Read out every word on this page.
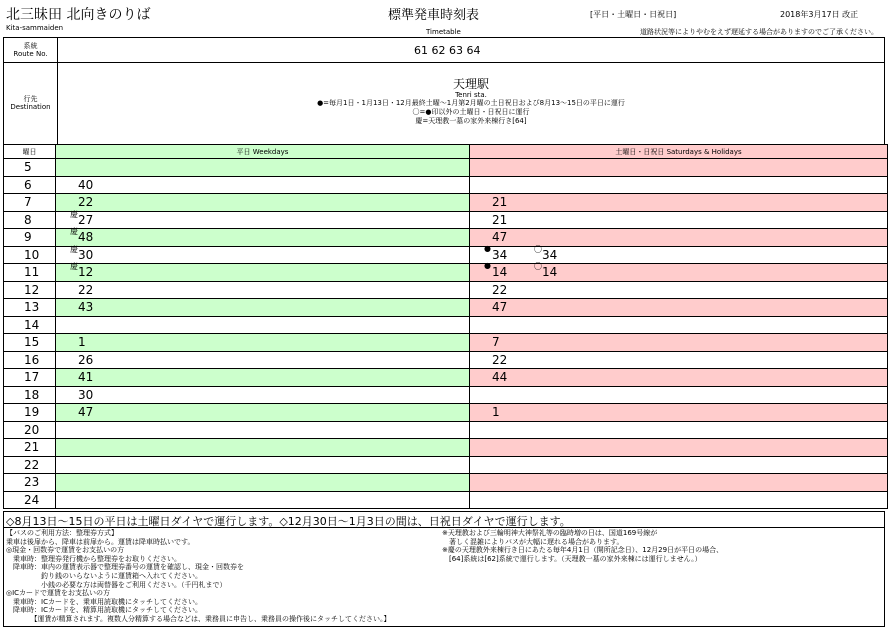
北三昧田 北向きのりば
Kita-sammaiden
標準発車時刻表
Timetable
[平日・土曜日・日祝日]	2018年3月17日 改正
道路状況等によりやむをえず遅延する場合がありますのでご了承ください。
系統
Route No.	61 62 63 64
行先
Destination
天理駅
Tenri sta.
●=毎月1日・1月13日・12月最終土曜～1月第2月曜の土日祝日および8月13～15日の平日に運行
〇=●印以外の土曜日・日祝日に運行
慶=天理教一墓の家外来棟行き[64]
曜日	平日 Weekdays	土曜日・日祝日 Saturdays & Holidays
5	

6	40	

7	22	21

8	慶 27	21

9	慶 48	47

10	慶 30	● 34 〇 34

11	慶 12	● 14 〇 14

12	22	22

13	43	47

14	

15	1	7

16	26	22

17	41	44

18	30	

19	47	1

20	

21	

22	

23	

24	

◇8月13日～15日の平日は土曜日ダイヤで運行します。◇12月30日～1月3日の間は、日祝日ダイヤで運行します。
【バスのご利用方法：整理券方式】
乗車は後扉から、降車は前扉から。運賃は降車時払いです。
◎現金・回数券で運賃をお支払いの方
　乗車時：整理券発行機から整理券をお取りください。
　降車時：車内の運賃表示器で整理券番号の運賃を確認し、現金・回数券を
　　　　　釣り銭のいらないように運賃箱へ入れてください。
　　　　　小銭の必要な方は両替器をご利用ください。（千円札まで）
◎ICカードで運賃をお支払いの方
　乗車時：ICカードを、乗車用読取機にタッチしてください。
　降車時：ICカードを、精算用読取機にタッチしてください。
　　　　【運賃が精算されます。複数人分精算する場合などは、乗務員に申告し、乗務員の操作後にタッチしてください。】
※天理教および三輪明神大神祭礼等の臨時増の日は、国道169号線が
　著しく混雑によりバスが大幅に遅れる場合があります。
※慶の天理教外来棟行き日にあたる毎年4月1日（開所記念日）、12月29日が平日の場合、
　[64]系統は[62]系統で運行します。（天理教一墓の家外来棟には運行しません。）
